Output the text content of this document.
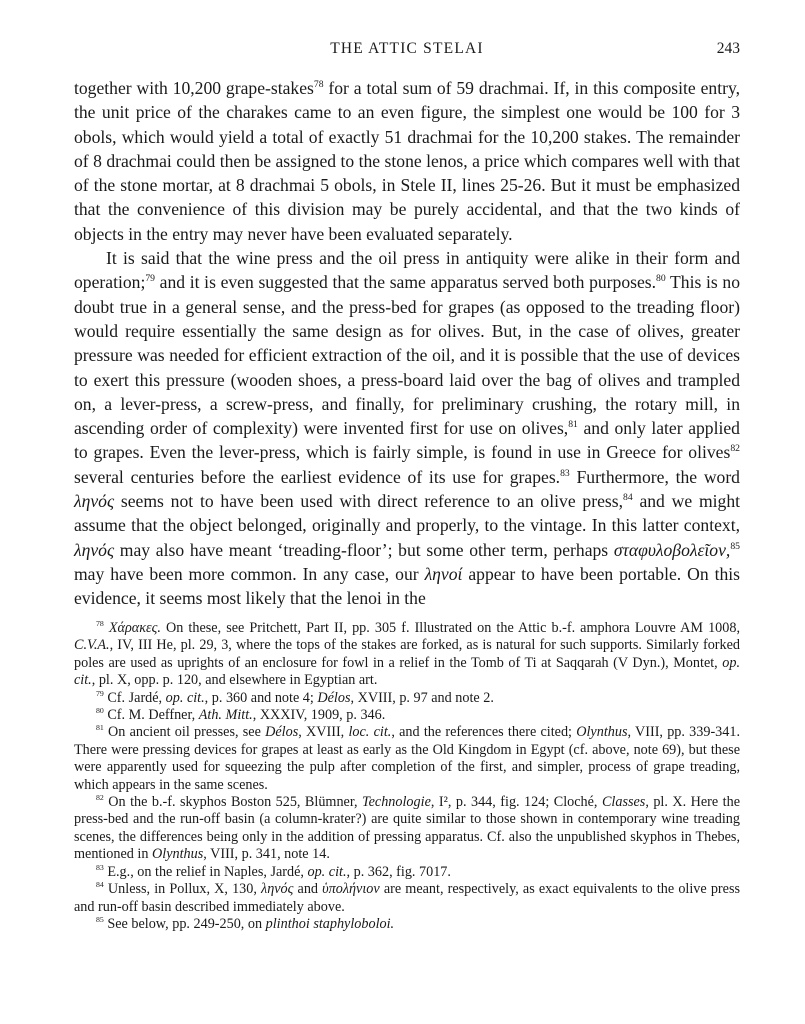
THE ATTIC STELAI	243

together with 10,200 grape-stakes$^{78}$ for a total sum of 59 drachmai. If, in this composite entry, the unit price of the charakes came to an even figure, the simplest one would be 100 for 3 obols, which would yield a total of exactly 51 drachmai for the 10,200 stakes. The remainder of 8 drachmai could then be assigned to the stone lenos, a price which compares well with that of the stone mortar, at 8 drachmai 5 obols, in Stele II, lines 25-26. But it must be emphasized that the convenience of this division may be purely accidental, and that the two kinds of objects in the entry may never have been evaluated separately.

It is said that the wine press and the oil press in antiquity were alike in their form and operation;$^{79}$ and it is even suggested that the same apparatus served both purposes.$^{80}$ This is no doubt true in a general sense, and the press-bed for grapes (as opposed to the treading floor) would require essentially the same design as for olives. But, in the case of olives, greater pressure was needed for efficient extraction of the oil, and it is possible that the use of devices to exert this pressure (wooden shoes, a press-board laid over the bag of olives and trampled on, a lever-press, a screw-press, and finally, for preliminary crushing, the rotary mill, in ascending order of complexity) were invented first for use on olives,$^{81}$ and only later applied to grapes. Even the lever-press, which is fairly simple, is found in use in Greece for olives$^{82}$ several centuries before the earliest evidence of its use for grapes.$^{83}$ Furthermore, the word ληνός seems not to have been used with direct reference to an olive press,$^{84}$ and we might assume that the object belonged, originally and properly, to the vintage. In this latter context, ληνός may also have meant ‘treading-floor’; but some other term, perhaps σταφυλοβολεῖον,$^{85}$ may have been more common. In any case, our ληνοί appear to have been portable. On this evidence, it seems most likely that the lenoi in the

$^{78}$ Χάρακες. On these, see Pritchett, Part II, pp. 305 f. Illustrated on the Attic b.-f. amphora Louvre AM 1008, C.V.A., IV, III He, pl. 29, 3, where the tops of the stakes are forked, as is natural for such supports. Similarly forked poles are used as uprights of an enclosure for fowl in a relief in the Tomb of Ti at Saqqarah (V Dyn.), Montet, op. cit., pl. X, opp. p. 120, and elsewhere in Egyptian art.

$^{79}$ Cf. Jardé, op. cit., p. 360 and note 4; Délos, XVIII, p. 97 and note 2.

$^{80}$ Cf. M. Deffner, Ath. Mitt., XXXIV, 1909, p. 346.

$^{81}$ On ancient oil presses, see Délos, XVIII, loc. cit., and the references there cited; Olynthus, VIII, pp. 339-341. There were pressing devices for grapes at least as early as the Old Kingdom in Egypt (cf. above, note 69), but these were apparently used for squeezing the pulp after completion of the first, and simpler, process of grape treading, which appears in the same scenes.

$^{82}$ On the b.-f. skyphos Boston 525, Blümner, Technologie, I², p. 344, fig. 124; Cloché, Classes, pl. X. Here the press-bed and the run-off basin (a column-krater?) are quite similar to those shown in contemporary wine treading scenes, the differences being only in the addition of pressing apparatus. Cf. also the unpublished skyphos in Thebes, mentioned in Olynthus, VIII, p. 341, note 14.

$^{83}$ E.g., on the relief in Naples, Jardé, op. cit., p. 362, fig. 7017.

$^{84}$ Unless, in Pollux, X, 130, ληνός and ὑπολήνιον are meant, respectively, as exact equivalents to the olive press and run-off basin described immediately above.

$^{85}$ See below, pp. 249-250, on plinthoi staphyloboloi.
